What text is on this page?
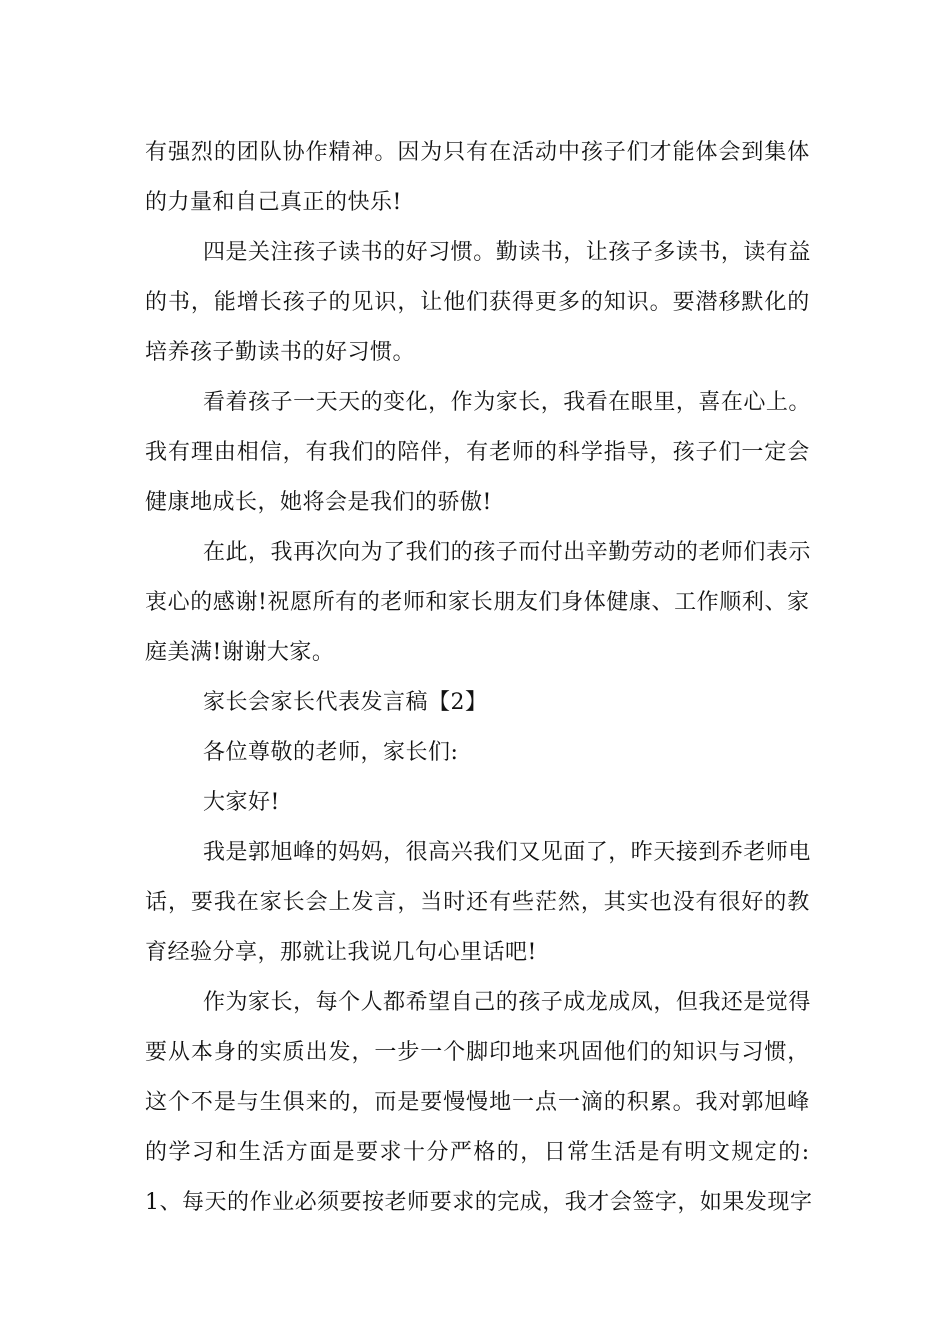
有 强 烈 的 团 队 协 作 精 神 。 因 为 只 有 在 活 动 中 孩 子 们 才 能 体 会 到 集 体
的力量和自己真正的快乐!
四 是 关 注 孩 子 读 书 的 好 习 惯 。 勤 读 书 ， 让 孩 子 多 读 书 ， 读 有 益
的 书 ， 能 增 长 孩 子 的 见 识 ， 让 他 们 获 得 更 多 的 知 识 。 要 潜 移 默 化 的
培养孩子勤读书的好习惯。
看 着 孩 子 一 天 天 的 变 化 ， 作 为 家 长 ， 我 看 在 眼 里 ， 喜 在 心 上 。
我 有 理 由 相 信 ， 有 我 们 的 陪 伴 ， 有 老 师 的 科 学 指 导 ， 孩 子 们 一 定 会
健康地成长，她将会是我们的骄傲!
在 此 ， 我 再 次 向 为 了 我 们 的 孩 子 而 付 出 辛 勤 劳 动 的 老 师 们 表 示
衷 心 的 感 谢 ! 祝 愿 所 有 的 老 师 和 家 长 朋 友 们 身 体 健 康 、 工 作 顺 利 、 家
庭美满!谢谢大家。
家长会家长代表发言稿【2】
各位尊敬的老师，家长们:
大家好!
我 是 郭 旭 峰 的 妈 妈 ， 很 高 兴 我 们 又 见 面 了 ， 昨 天 接 到 乔 老 师 电
话 ， 要 我 在 家 长 会 上 发 言 ， 当 时 还 有 些 茫 然 ， 其 实 也 没 有 很 好 的 教
育经验分享，那就让我说几句心里话吧!
作 为 家 长 ， 每 个 人 都 希 望 自 己 的 孩 子 成 龙 成 凤 ， 但 我 还 是 觉 得
要 从 本 身 的 实 质 出 发 ， 一 步 一 个 脚 印 地 来 巩 固 他 们 的 知 识 与 习 惯 ，
这 个 不 是 与 生 俱 来 的 ， 而 是 要 慢 慢 地 一 点 一 滴 的 积 累 。 我 对 郭 旭 峰
的 学 习 和 生 活 方 面 是 要 求 十 分 严 格 的 ， 日 常 生 活 是 有 明 文 规 定 的 :
1 、 每 天 的 作 业 必 须 要 按 老 师 要 求 的 完 成 ， 我 才 会 签 字 ， 如 果 发 现 字
